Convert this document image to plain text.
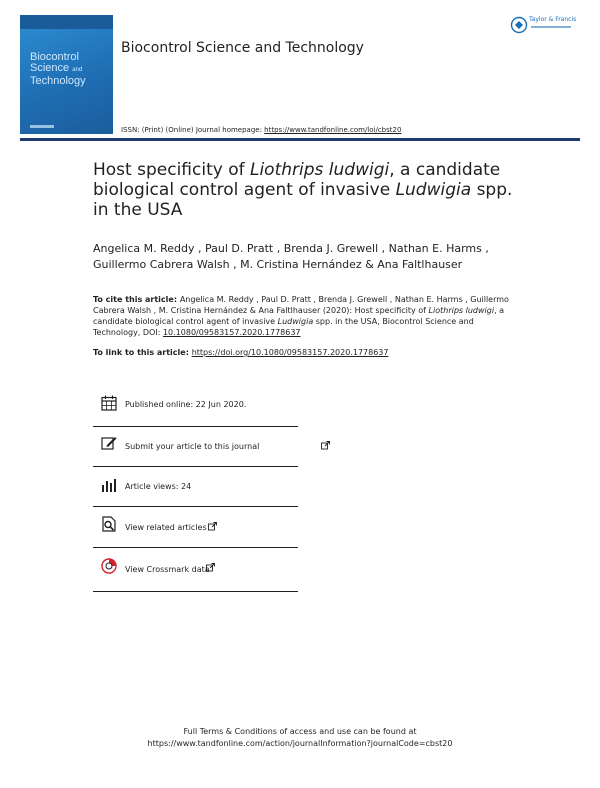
Biocontrol
Science and
Technology
Biocontrol Science and Technology
Taylor & Francis
ISSN: (Print) (Online) Journal homepage: https://www.tandfonline.com/loi/cbst20
Host specificity of Liothrips ludwigi, a candidate biological control agent of invasive Ludwigia spp. in the USA

Angelica M. Reddy , Paul D. Pratt , Brenda J. Grewell , Nathan E. Harms ,
Guillermo Cabrera Walsh , M. Cristina Hernández & Ana Faltlhauser

To cite this article: Angelica M. Reddy , Paul D. Pratt , Brenda J. Grewell , Nathan E. Harms , Guillermo Cabrera Walsh , M. Cristina Hernández & Ana Faltlhauser (2020): Host specificity of Liothrips ludwigi, a candidate biological control agent of invasive Ludwigia spp. in the USA, Biocontrol Science and Technology, DOI: 10.1080/09583157.2020.1778637

To link to this article: https://doi.org/10.1080/09583157.2020.1778637
Published online: 22 Jun 2020.
Submit your article to this journal
Article views: 24
View related articles
View Crossmark data
Full Terms & Conditions of access and use can be found at
https://www.tandfonline.com/action/journalInformation?journalCode=cbst20
